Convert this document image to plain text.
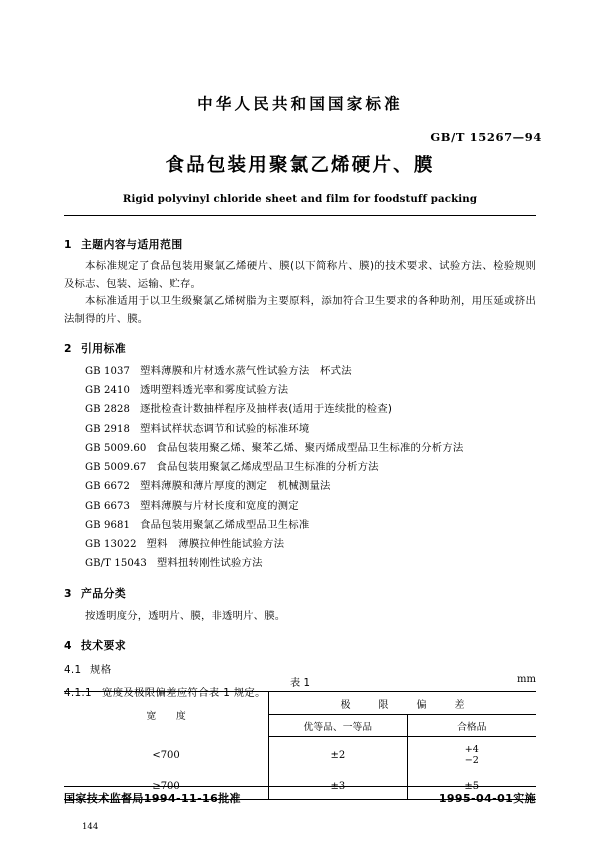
中华人民共和国国家标准
GB/T 15267—94
食品包装用聚氯乙烯硬片、膜
Rigid polyvinyl chloride sheet and film for foodstuff packing
1 主题内容与适用范围

本标准规定了食品包装用聚氯乙烯硬片、膜(以下简称片、膜)的技术要求、试验方法、检验规则及标志、包装、运输、贮存。

本标准适用于以卫生级聚氯乙烯树脂为主要原料，添加符合卫生要求的各种助剂，用压延或挤出法制得的片、膜。

2 引用标准
GB 1037 塑料薄膜和片材透水蒸气性试验方法　杯式法
GB 2410 透明塑料透光率和雾度试验方法
GB 2828 逐批检查计数抽样程序及抽样表(适用于连续批的检查)
GB 2918 塑料试样状态调节和试验的标准环境
GB 5009.60 食品包装用聚乙烯、聚苯乙烯、聚丙烯成型品卫生标准的分析方法
GB 5009.67 食品包装用聚氯乙烯成型品卫生标准的分析方法
GB 6672 塑料薄膜和薄片厚度的测定　机械测量法
GB 6673 塑料薄膜与片材长度和宽度的测定
GB 9681 食品包装用聚氯乙烯成型品卫生标准
GB 13022 塑料　薄膜拉伸性能试验方法
GB/T 15043 塑料扭转刚性试验方法
3 产品分类

按透明度分，透明片、膜，非透明片、膜。

4 技术要求
4.1 规格
4.1.1 宽度及极限偏差应符合表 1 规定。
表 1	mm
宽　　度	极　限　偏　差	
	优等品、一等品	合格品
<700	±2	+4
−2
≥700	±3	±5
国家技术监督局1994-11-16批准	1995-04-01实施
144
